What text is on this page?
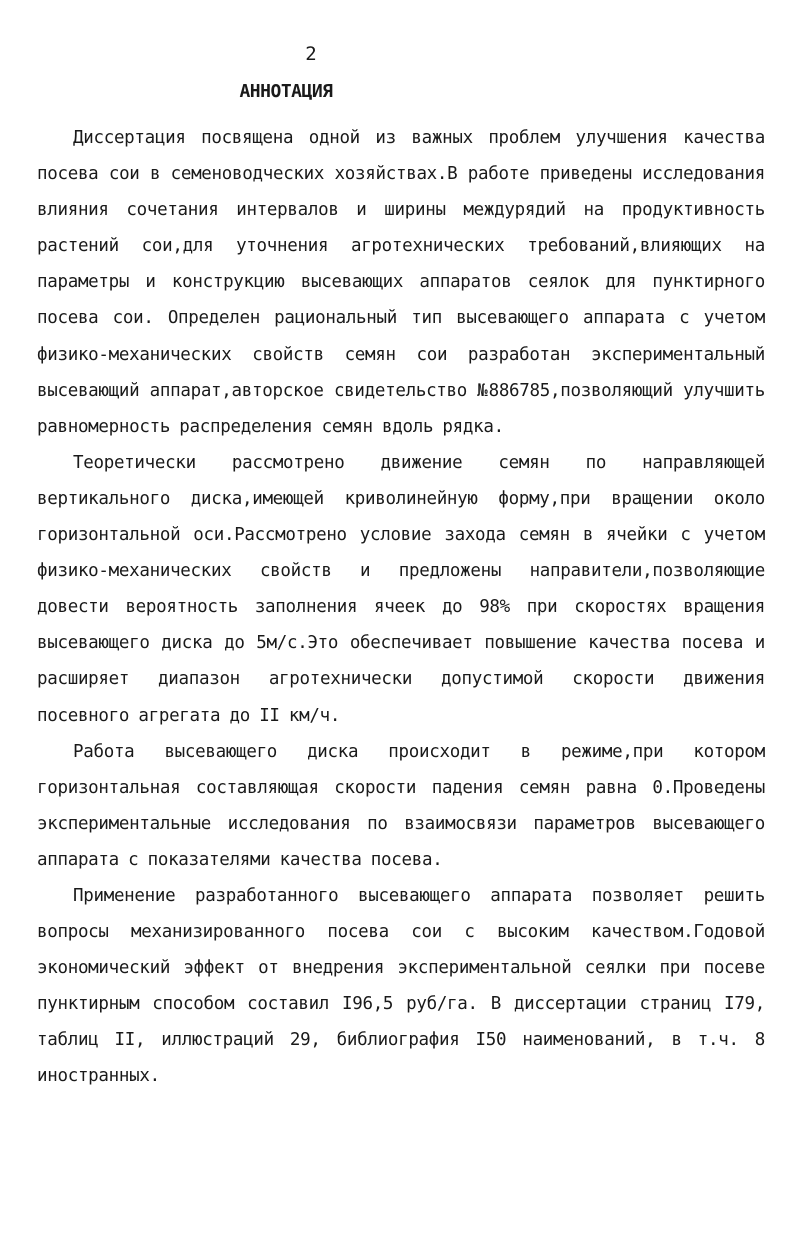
2
АННОТАЦИЯ

Диссертация посвящена одной из важных проблем улучшения качества посева сои в семеноводческих хозяйствах.В работе приведены исследования влияния сочетания интервалов и ширины междурядий на продуктивность растений сои,для уточнения агротехнических требований,влияющих на параметры и конструкцию высевающих аппаратов сеялок для пунктирного посева сои. Определен рациональный тип высевающего аппарата с учетом физико-механических свойств семян сои разработан экспериментальный высевающий аппарат,авторское свидетельство №886785,позволяющий улучшить равномерность распределения семян вдоль рядка.

Теоретически рассмотрено движение семян по направляющей вертикального диска,имеющей криволинейную форму,при вращении около горизонтальной оси.Рассмотрено условие захода семян в ячейки с учетом физико-механических свойств и предложены направители,позволяющие довести вероятность заполнения ячеек до 98% при скоростях вращения высевающего диска до 5м/с.Это обеспечивает повышение качества посева и расширяет диапазон агротехнически допустимой скорости движения посевного агрегата до II км/ч.

Работа высевающего диска происходит в режиме,при котором горизонтальная составляющая скорости падения семян равна 0.Проведены экспериментальные исследования по взаимосвязи параметров высевающего аппарата с показателями качества посева.

Применение разработанного высевающего аппарата позволяет решить вопросы механизированного посева сои с высоким качеством.Годовой экономический эффект от внедрения экспериментальной сеялки при посеве пунктирным способом составил I96,5 руб/га. В диссертации страниц I79, таблиц II, иллюстраций 29, библиография I50 наименований, в т.ч. 8 иностранных.
